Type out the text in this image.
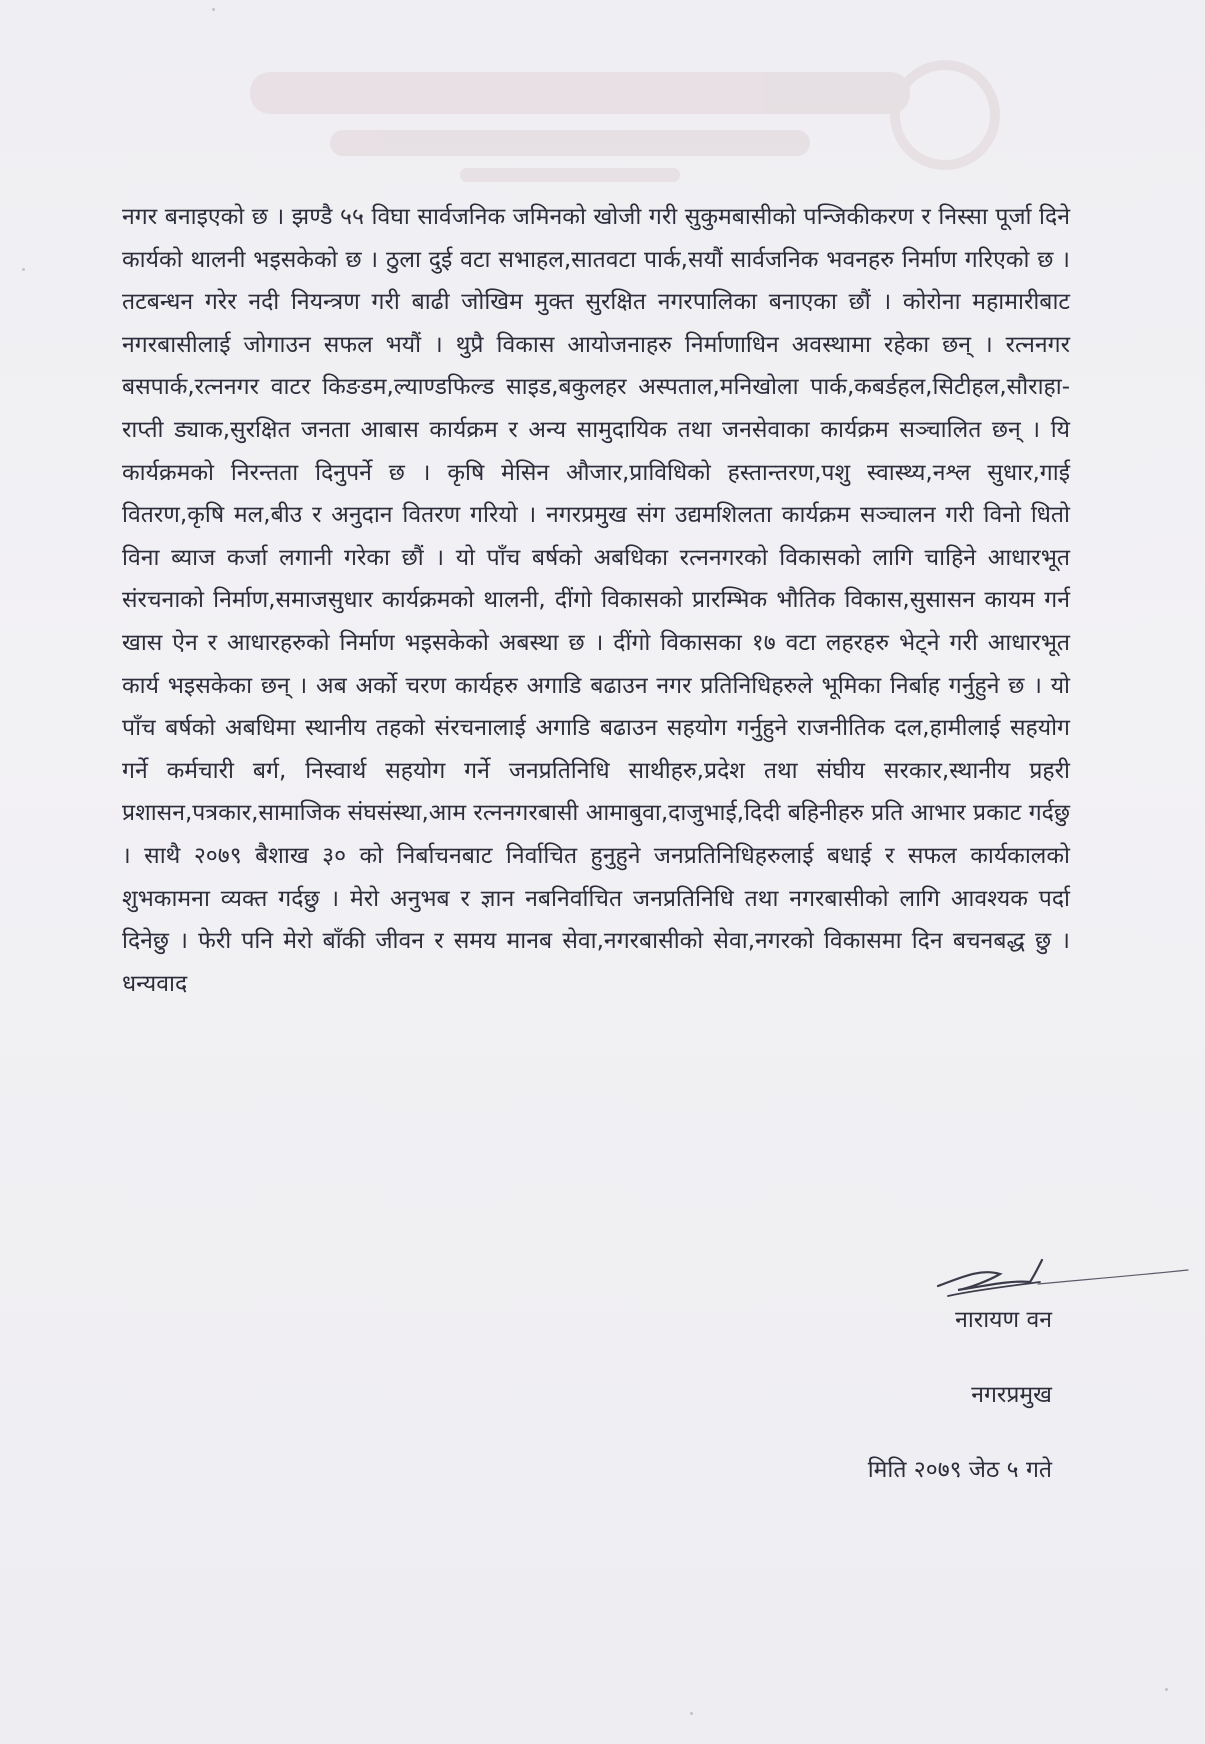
नगर बनाइएको छ । झण्डै ५५ विघा सार्वजनिक जमिनको खोजी गरी सुकुमबासीको पन्जिकीकरण र निस्सा पूर्जा दिने कार्यको थालनी भइसकेको छ । ठुला दुई वटा सभाहल,सातवटा पार्क,सयौं सार्वजनिक भवनहरु निर्माण गरिएको छ । तटबन्धन गरेर नदी नियन्त्रण गरी बाढी जोखिम मुक्त सुरक्षित नगरपालिका बनाएका छौं । कोरोना महामारीबाट नगरबासीलाई जोगाउन सफल भयौं । थुप्रै विकास आयोजनाहरु निर्माणाधिन अवस्थामा रहेका छन् । रत्ननगर बसपार्क,रत्ननगर वाटर किङडम,ल्याण्डफिल्ड साइड,बकुलहर अस्पताल,मनिखोला पार्क,कबर्डहल,सिटीहल,सौराहा-राप्ती ड्याक,सुरक्षित जनता आबास कार्यक्रम र अन्य सामुदायिक तथा जनसेवाका कार्यक्रम सञ्चालित छन् । यि कार्यक्रमको निरन्तता दिनुपर्ने छ । कृषि मेसिन औजार,प्राविधिको हस्तान्तरण,पशु स्वास्थ्य,नश्ल सुधार,गाई वितरण,कृषि मल,बीउ र अनुदान वितरण गरियो । नगरप्रमुख संग उद्यमशिलता कार्यक्रम सञ्चालन गरी विनो धितो विना ब्याज कर्जा लगानी गरेका छौं । यो पाँच बर्षको अबधिका रत्ननगरको विकासको लागि चाहिने आधारभूत संरचनाको निर्माण,समाजसुधार कार्यक्रमको थालनी, दींगो विकासको प्रारम्भिक भौतिक विकास,सुसासन कायम गर्न खास ऐन र आधारहरुको निर्माण भइसकेको अबस्था छ । दींगो विकासका १७ वटा लहरहरु भेट्ने गरी आधारभूत कार्य भइसकेका छन् । अब अर्को चरण कार्यहरु अगाडि बढाउन नगर प्रतिनिधिहरुले भूमिका निर्बाह गर्नुहुने छ । यो पाँच बर्षको अबधिमा स्थानीय तहको संरचनालाई अगाडि बढाउन सहयोग गर्नुहुने राजनीतिक दल,हामीलाई सहयोग गर्ने कर्मचारी बर्ग, निस्वार्थ सहयोग गर्ने जनप्रतिनिधि साथीहरु,प्रदेश तथा संघीय सरकार,स्थानीय प्रहरी प्रशासन,पत्रकार,सामाजिक संघसंस्था,आम रत्ननगरबासी आमाबुवा,दाजुभाई,दिदी बहिनीहरु प्रति आभार प्रकाट गर्दछु । साथै २०७९ बैशाख ३० को निर्बाचनबाट निर्वाचित हुनुहुने जनप्रतिनिधिहरुलाई बधाई र सफल कार्यकालको शुभकामना व्यक्त गर्दछु । मेरो अनुभब र ज्ञान नबनिर्वाचित जनप्रतिनिधि तथा नगरबासीको लागि आवश्यक पर्दा दिनेछु । फेरी पनि मेरो बाँकी जीवन र समय मानब सेवा,नगरबासीको सेवा,नगरको विकासमा दिन बचनबद्ध छु । धन्यवाद

नारायण वन

नगरप्रमुख

मिति २०७९ जेठ ५ गते
